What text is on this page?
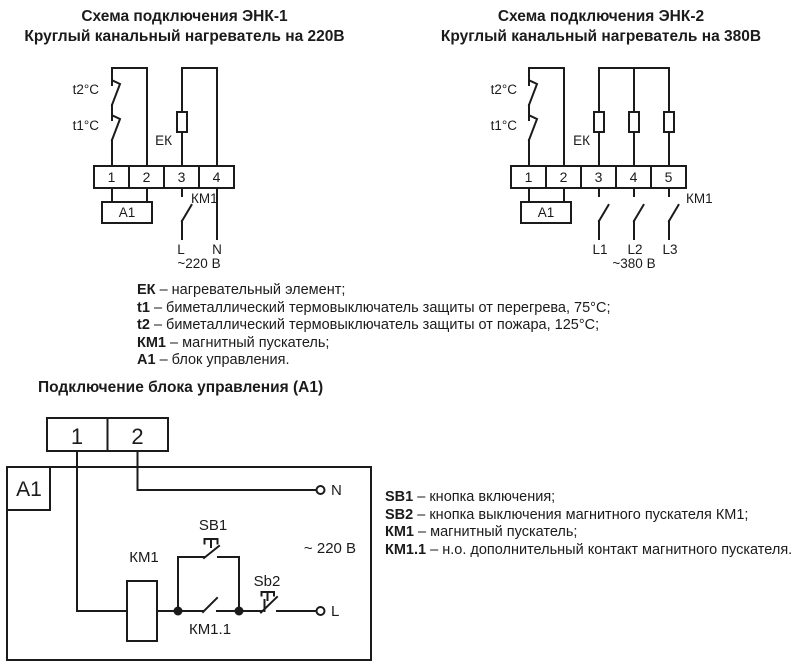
Схема подключения ЭНК-1
Круглый канальный нагреватель на 220В
Схема подключения ЭНК-2
Круглый канальный нагреватель на 380В
t2°С
t1°С
ЕК
1 2 3 4
А1
КМ1
L N
~220 В
t2°С
t1°С
ЕК
1 2 3 4 5
А1
КМ1
L1 L2 L3
~380 В
1 2
А1	N
КМ1
КМ1.1
SB1
Sb2
L
~ 220 В
ЕК – нагревательный элемент;
t1 – биметаллический термовыключатель защиты от перегрева, 75°С;
t2 – биметаллический термовыключатель защиты от пожара, 125°С;
КМ1 – магнитный пускатель;
А1 – блок управления.
Подключение блока управления (А1)
SB1 – кнопка включения;
SB2 – кнопка выключения магнитного пускателя КМ1;
КМ1 – магнитный пускатель;
КМ1.1 – н.о. дополнительный контакт магнитного пускателя.
